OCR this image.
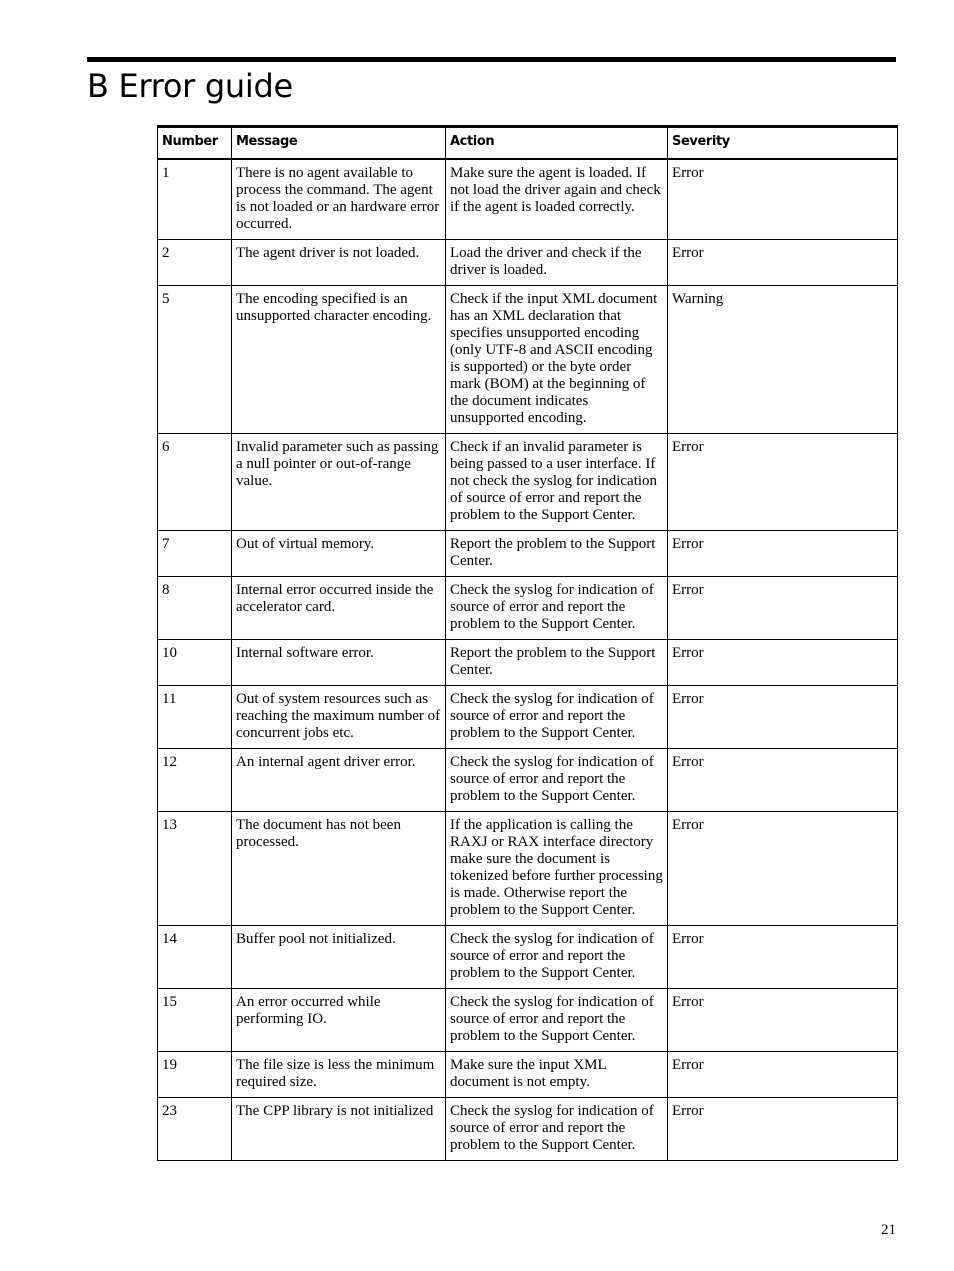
B Error guide
Number	Message	Action	Severity
1	There is no agent available to process the command. The agent is not loaded or an hardware error occurred.	Make sure the agent is loaded. If not load the driver again and check if the agent is loaded correctly.	Error
2	The agent driver is not loaded.	Load the driver and check if the driver is loaded.	Error
5	The encoding specified is an unsupported character encoding.	Check if the input XML document has an XML declaration that specifies unsupported encoding (only UTF-8 and ASCII encoding is supported) or the byte order mark (BOM) at the beginning of the document indicates unsupported encoding.	Warning
6	Invalid parameter such as passing a null pointer or out-of-range value.	Check if an invalid parameter is being passed to a user interface. If not check the syslog for indication of source of error and report the problem to the Support Center.	Error
7	Out of virtual memory.	Report the problem to the Support Center.	Error
8	Internal error occurred inside the accelerator card.	Check the syslog for indication of source of error and report the problem to the Support Center.	Error
10	Internal software error.	Report the problem to the Support Center.	Error
11	Out of system resources such as reaching the maximum number of concurrent jobs etc.	Check the syslog for indication of source of error and report the problem to the Support Center.	Error
12	An internal agent driver error.	Check the syslog for indication of source of error and report the problem to the Support Center.	Error
13	The document has not been processed.	If the application is calling the RAXJ or RAX interface directory make sure the document is tokenized before further processing is made. Otherwise report the problem to the Support Center.	Error
14	Buffer pool not initialized.	Check the syslog for indication of source of error and report the problem to the Support Center.	Error
15	An error occurred while performing IO.	Check the syslog for indication of source of error and report the problem to the Support Center.	Error
19	The file size is less the minimum required size.	Make sure the input XML document is not empty.	Error
23	The CPP library is not initialized	Check the syslog for indication of source of error and report the problem to the Support Center.	Error
21
